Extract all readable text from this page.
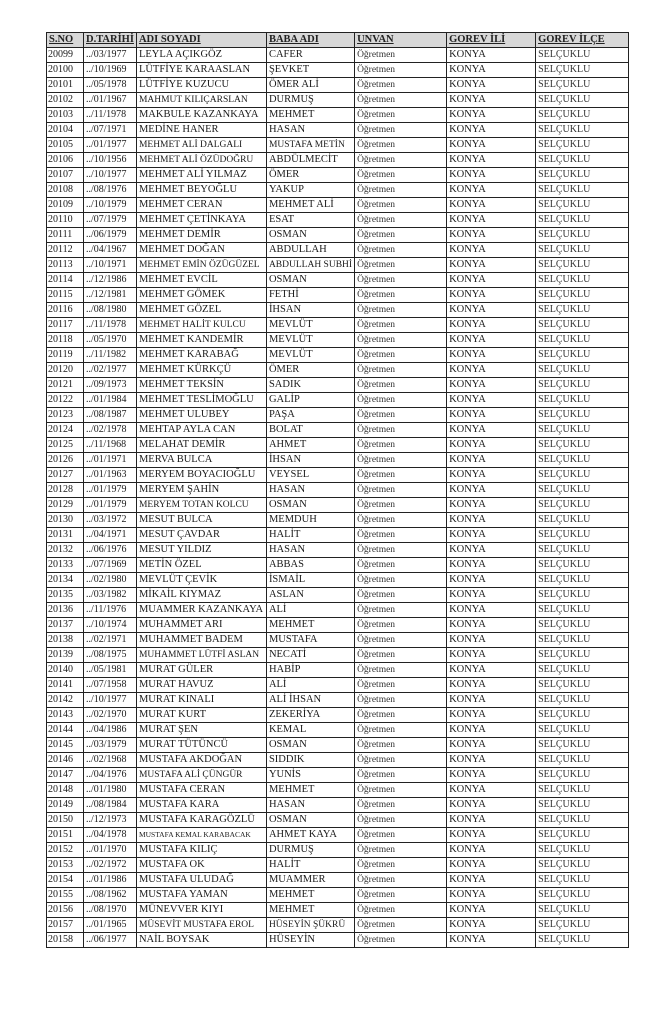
S.NO	D.TARİHİ	ADI SOYADI	BABA ADI	UNVAN	GOREV İLİ	GOREV İLÇE
20099	../03/1977	LEYLA AÇIKGÖZ	CAFER	Öğretmen	KONYA	SELÇUKLU
20100	../10/1969	LÜTFİYE KARAASLAN	ŞEVKET	Öğretmen	KONYA	SELÇUKLU
20101	../05/1978	LÜTFİYE KUZUCU	ÖMER ALİ	Öğretmen	KONYA	SELÇUKLU
20102	../01/1967	MAHMUT KILIÇARSLAN	DURMUŞ	Öğretmen	KONYA	SELÇUKLU
20103	../11/1978	MAKBULE KAZANKAYA	MEHMET	Öğretmen	KONYA	SELÇUKLU
20104	../07/1971	MEDİNE HANER	HASAN	Öğretmen	KONYA	SELÇUKLU
20105	../01/1977	MEHMET ALİ DALGALI	MUSTAFA METİN	Öğretmen	KONYA	SELÇUKLU
20106	../10/1956	MEHMET ALİ ÖZÜDOĞRU	ABDÜLMECİT	Öğretmen	KONYA	SELÇUKLU
20107	../10/1977	MEHMET ALİ YILMAZ	ÖMER	Öğretmen	KONYA	SELÇUKLU
20108	../08/1976	MEHMET BEYOĞLU	YAKUP	Öğretmen	KONYA	SELÇUKLU
20109	../10/1979	MEHMET CERAN	MEHMET ALİ	Öğretmen	KONYA	SELÇUKLU
20110	../07/1979	MEHMET ÇETİNKAYA	ESAT	Öğretmen	KONYA	SELÇUKLU
20111	../06/1979	MEHMET DEMİR	OSMAN	Öğretmen	KONYA	SELÇUKLU
20112	../04/1967	MEHMET DOĞAN	ABDULLAH	Öğretmen	KONYA	SELÇUKLU
20113	../10/1971	MEHMET EMİN ÖZÜGÜZEL	ABDULLAH SUBHİ	Öğretmen	KONYA	SELÇUKLU
20114	../12/1986	MEHMET EVCİL	OSMAN	Öğretmen	KONYA	SELÇUKLU
20115	../12/1981	MEHMET GÖMEK	FETHİ	Öğretmen	KONYA	SELÇUKLU
20116	../08/1980	MEHMET GÖZEL	İHSAN	Öğretmen	KONYA	SELÇUKLU
20117	../11/1978	MEHMET HALİT KULCU	MEVLÜT	Öğretmen	KONYA	SELÇUKLU
20118	../05/1970	MEHMET KANDEMİR	MEVLÜT	Öğretmen	KONYA	SELÇUKLU
20119	../11/1982	MEHMET KARABAĞ	MEVLÜT	Öğretmen	KONYA	SELÇUKLU
20120	../02/1977	MEHMET KÜRKÇÜ	ÖMER	Öğretmen	KONYA	SELÇUKLU
20121	../09/1973	MEHMET TEKSİN	SADIK	Öğretmen	KONYA	SELÇUKLU
20122	../01/1984	MEHMET TESLİMOĞLU	GALİP	Öğretmen	KONYA	SELÇUKLU
20123	../08/1987	MEHMET ULUBEY	PAŞA	Öğretmen	KONYA	SELÇUKLU
20124	../02/1978	MEHTAP AYLA CAN	BOLAT	Öğretmen	KONYA	SELÇUKLU
20125	../11/1968	MELAHAT DEMİR	AHMET	Öğretmen	KONYA	SELÇUKLU
20126	../01/1971	MERVA BULCA	İHSAN	Öğretmen	KONYA	SELÇUKLU
20127	../01/1963	MERYEM BOYACIOĞLU	VEYSEL	Öğretmen	KONYA	SELÇUKLU
20128	../01/1979	MERYEM ŞAHİN	HASAN	Öğretmen	KONYA	SELÇUKLU
20129	../01/1979	MERYEM TOTAN KOLCU	OSMAN	Öğretmen	KONYA	SELÇUKLU
20130	../03/1972	MESUT BULCA	MEMDUH	Öğretmen	KONYA	SELÇUKLU
20131	../04/1971	MESUT ÇAVDAR	HALİT	Öğretmen	KONYA	SELÇUKLU
20132	../06/1976	MESUT YILDIZ	HASAN	Öğretmen	KONYA	SELÇUKLU
20133	../07/1969	METİN ÖZEL	ABBAS	Öğretmen	KONYA	SELÇUKLU
20134	../02/1980	MEVLÜT ÇEVİK	İSMAİL	Öğretmen	KONYA	SELÇUKLU
20135	../03/1982	MİKAİL KIYMAZ	ASLAN	Öğretmen	KONYA	SELÇUKLU
20136	../11/1976	MUAMMER KAZANKAYA	ALİ	Öğretmen	KONYA	SELÇUKLU
20137	../10/1974	MUHAMMET ARI	MEHMET	Öğretmen	KONYA	SELÇUKLU
20138	../02/1971	MUHAMMET BADEM	MUSTAFA	Öğretmen	KONYA	SELÇUKLU
20139	../08/1975	MUHAMMET LÜTFİ ASLAN	NECATİ	Öğretmen	KONYA	SELÇUKLU
20140	../05/1981	MURAT GÜLER	HABİP	Öğretmen	KONYA	SELÇUKLU
20141	../07/1958	MURAT HAVUZ	ALİ	Öğretmen	KONYA	SELÇUKLU
20142	../10/1977	MURAT KINALI	ALİ İHSAN	Öğretmen	KONYA	SELÇUKLU
20143	../02/1970	MURAT KURT	ZEKERİYA	Öğretmen	KONYA	SELÇUKLU
20144	../04/1986	MURAT ŞEN	KEMAL	Öğretmen	KONYA	SELÇUKLU
20145	../03/1979	MURAT TÜTÜNCÜ	OSMAN	Öğretmen	KONYA	SELÇUKLU
20146	../02/1968	MUSTAFA AKDOĞAN	SIDDIK	Öğretmen	KONYA	SELÇUKLU
20147	../04/1976	MUSTAFA ALİ ÇÜNGÜR	YUNİS	Öğretmen	KONYA	SELÇUKLU
20148	../01/1980	MUSTAFA CERAN	MEHMET	Öğretmen	KONYA	SELÇUKLU
20149	../08/1984	MUSTAFA KARA	HASAN	Öğretmen	KONYA	SELÇUKLU
20150	../12/1973	MUSTAFA KARAGÖZLÜ	OSMAN	Öğretmen	KONYA	SELÇUKLU
20151	../04/1978	MUSTAFA KEMAL KARABACAK	AHMET KAYA	Öğretmen	KONYA	SELÇUKLU
20152	../01/1970	MUSTAFA KILIÇ	DURMUŞ	Öğretmen	KONYA	SELÇUKLU
20153	../02/1972	MUSTAFA OK	HALİT	Öğretmen	KONYA	SELÇUKLU
20154	../01/1986	MUSTAFA ULUDAĞ	MUAMMER	Öğretmen	KONYA	SELÇUKLU
20155	../08/1962	MUSTAFA YAMAN	MEHMET	Öğretmen	KONYA	SELÇUKLU
20156	../08/1970	MÜNEVVER KIYI	MEHMET	Öğretmen	KONYA	SELÇUKLU
20157	../01/1965	MÜSEVİT MUSTAFA EROL	HÜSEYİN ŞÜKRÜ	Öğretmen	KONYA	SELÇUKLU
20158	../06/1977	NAİL BOYSAK	HÜSEYİN	Öğretmen	KONYA	SELÇUKLU
